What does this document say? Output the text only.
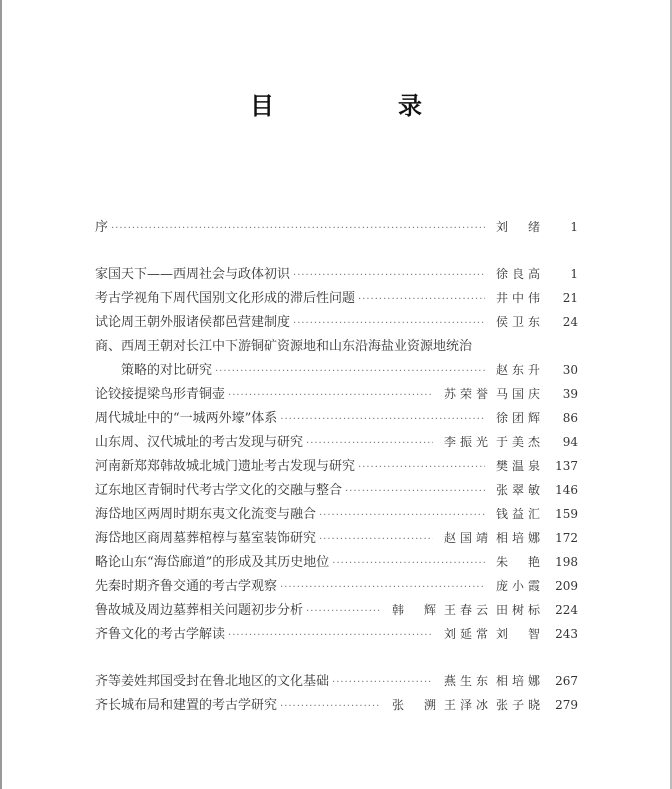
目　录
序 ·····	刘　绪	1
家国天下——西周社会与政体初识 ·····	徐良高	1
考古学视角下周代国别文化形成的滞后性问题 ·····	井中伟	21
试论周王朝外服诸侯都邑营建制度 ·····	侯卫东	24
商、西周王朝对长江中下游铜矿资源地和山东沿海盐业资源地统治
策略的对比研究 ·····	赵东升	30
论铰接提梁鸟形青铜壶 ·····	苏荣誉 马国庆	39
周代城址中的“一城两外壕”体系 ·····	徐团辉	86
山东周、汉代城址的考古发现与研究 ·····	李振光 于美杰	94
河南新郑郑韩故城北城门遗址考古发现与研究 ·····	樊温泉	137
辽东地区青铜时代考古学文化的交融与整合 ·····	张翠敏	146
海岱地区两周时期东夷文化流变与融合 ·····	钱益汇	159
海岱地区商周墓葬棺椁与墓室装饰研究 ·····	赵国靖 相培娜	172
略论山东“海岱廊道”的形成及其历史地位 ·····	朱　艳	198
先秦时期齐鲁交通的考古学观察 ·····	庞小霞	209
鲁故城及周边墓葬相关问题初步分析 ·····	韩　辉 王春云 田树标	224
齐鲁文化的考古学解读 ·····	刘延常 刘　智	243
齐等姜姓邦国受封在鲁北地区的文化基础 ·····	燕生东 相培娜	267
齐长城布局和建置的考古学研究 ·····	张　溯 王泽冰 张子晓	279
